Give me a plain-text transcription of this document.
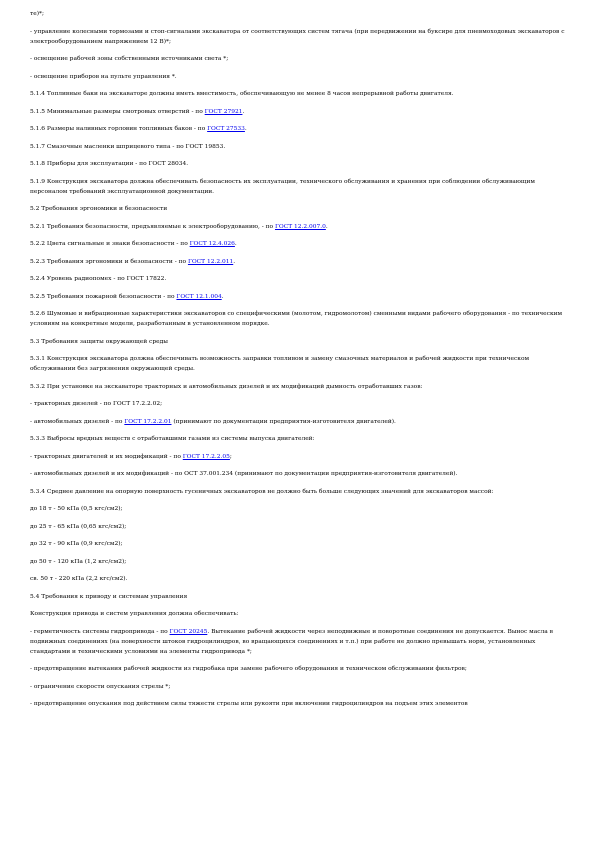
те)*;

- управление колесными тормозами и стоп-сигналами экскаватора от соответствующих систем тягача (при передвижении на буксире для пневмоходовых экскаваторов с электрооборудованием напряжением 12 В)*;

- освещение рабочей зоны собственными источниками света *;

- освещение приборов на пульте управления *.

5.1.4 Топливные баки на экскаваторе должны иметь вместимость, обеспечивающую не менее 8 часов непрерывной работы двигателя.

5.1.5 Минимальные размеры смотровых отверстий - по ГОСТ 27921.

5.1.6 Размеры наливных горловин топливных баков - по ГОСТ 27533.

5.1.7 Смазочные масленки шприцевого типа - по ГОСТ 19853.

5.1.8 Приборы для эксплуатации - по ГОСТ 28034.

5.1.9 Конструкция экскаватора должна обеспечивать безопасность их эксплуатации, технического обслуживания и хранения при соблюдении обслуживающим персоналом требований эксплуатационной документации.

5.2 Требования эргономики и безопасности

5.2.1 Требования безопасности, предъявляемые к электрооборудованию, - по ГОСТ 12.2.007.0.

5.2.2 Цвета сигнальные и знаки безопасности - по ГОСТ 12.4.026.

5.2.3 Требования эргономики и безопасности - по ГОСТ 12.2.011.

5.2.4 Уровень радиопомех - по ГОСТ 17822.

5.2.5 Требования пожарной безопасности - по ГОСТ 12.1.004.

5.2.6 Шумовые и вибрационные характеристики экскаваторов со специфическими (молотом, гидромолотом) сменными видами рабочего оборудования - по техническим условиям на конкретные модели, разработанным в установленном порядке.

5.3 Требования защиты окружающей среды

5.3.1 Конструкция экскаватора должна обеспечивать возможность заправки топливом и замену смазочных материалов и рабочей жидкости при техническом обслуживании без загрязнения окружающей среды.

5.3.2 При установке на экскаваторе тракторных и автомобильных дизелей и их модификаций дымность отработавших газов:

- тракторных дизелей - по ГОСТ 17.2.2.02;

- автомобильных дизелей - по ГОСТ 17.2.2.01 (принимают по документации предприятия-изготовителя двигателей).

5.3.3 Выбросы вредных веществ с отработавшими газами из системы выпуска двигателей:

- тракторных двигателей и их модификаций - по ГОСТ 17.2.2.05;

- автомобильных дизелей и их модификаций - по ОСТ 37.001.234 (принимают по документации предприятия-изготовителя двигателей).

5.3.4 Среднее давление на опорную поверхность гусеничных экскаваторов не должно быть больше следующих значений для экскаваторов массой:

до 18 т - 50 кПа (0,5 кгс/см2);

до 25 т - 65 кПа (0,65 кгс/см2);

до 32 т - 90 кПа (0,9 кгс/см2);

до 50 т - 120 кПа (1,2 кгс/см2);

св. 50 т - 220 кПа (2,2 кгс/см2).

5.4 Требования к приводу и системам управления

Конструкция привода и систем управления должна обеспечивать:

- герметичность системы гидропривода - по ГОСТ 20245. Вытекание рабочей жидкости через неподвижные и поворотные соединения не допускается. Вынос масла в подвижных соединениях (на поверхности штоков гидроцилиндров, во вращающихся соединениях и т.п.) при работе не должно превышать норм, установленных стандартами и техническими условиями на элементы гидропривода *;

- предотвращение вытекания рабочей жидкости из гидробака при замене рабочего оборудования и техническом обслуживании фильтров;

- ограничение скорости опускания стрелы *;

- предотвращение опускания под действием силы тяжести стрелы или рукояти при включении гидроцилиндров на подъем этих элементов
